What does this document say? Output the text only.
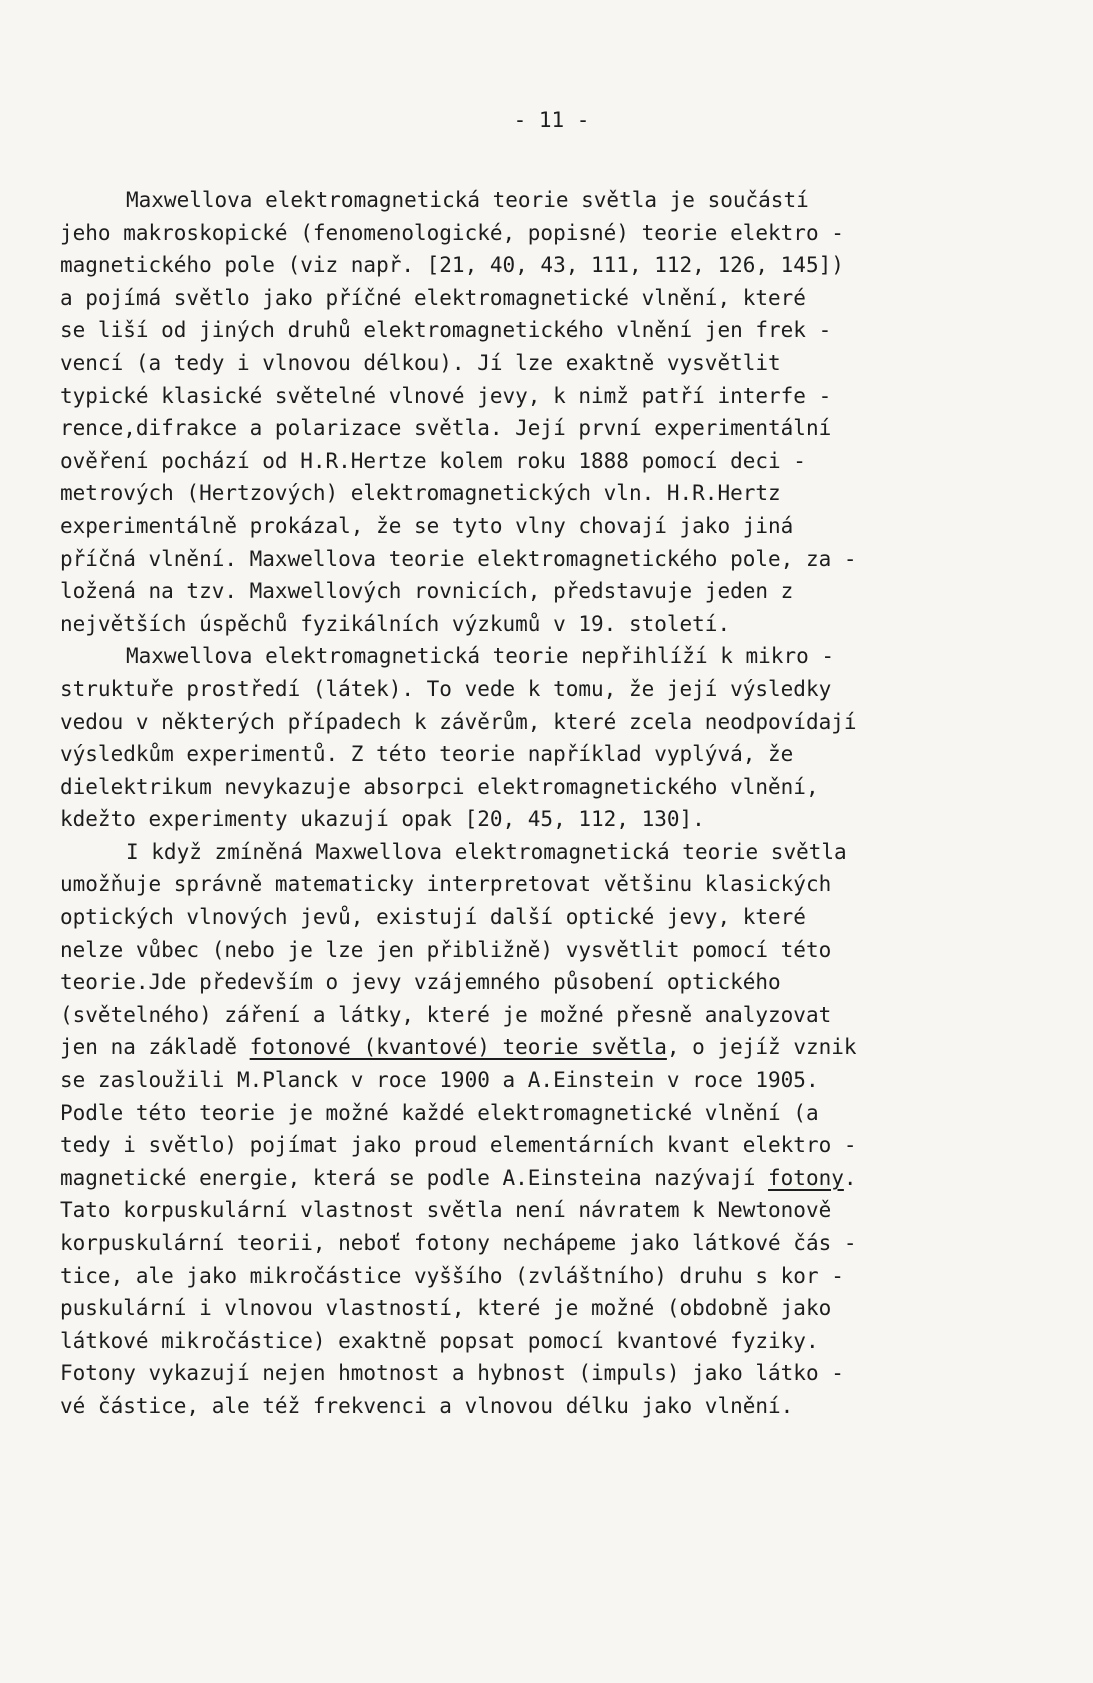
- 11 -
Maxwellova elektromagnetická teorie světla je součástí
jeho makroskopické (fenomenologické, popisné) teorie elektro -
magnetického pole (viz např. [21, 40, 43, 111, 112, 126, 145])
a pojímá světlo jako příčné elektromagnetické vlnění, které
se liší od jiných druhů elektromagnetického vlnění jen frek -
vencí (a tedy i vlnovou délkou). Jí lze exaktně vysvětlit
typické klasické světelné vlnové jevy, k nimž patří interfe -
rence,difrakce a polarizace světla. Její první experimentální
ověření pochází od H.R.Hertze kolem roku 1888 pomocí deci -
metrových (Hertzových) elektromagnetických vln. H.R.Hertz
experimentálně prokázal, že se tyto vlny chovají jako jiná
příčná vlnění. Maxwellova teorie elektromagnetického pole, za -
ložená na tzv. Maxwellových rovnicích, představuje jeden z
největších úspěchů fyzikálních výzkumů v 19. století.
Maxwellova elektromagnetická teorie nepřihlíží k mikro -
struktuře prostředí (látek). To vede k tomu, že její výsledky
vedou v některých případech k závěrům, které zcela neodpovídají
výsledkům experimentů. Z této teorie například vyplývá, že
dielektrikum nevykazuje absorpci elektromagnetického vlnění,
kdežto experimenty ukazují opak [20, 45, 112, 130].
I když zmíněná Maxwellova elektromagnetická teorie světla
umožňuje správně matematicky interpretovat většinu klasických
optických vlnových jevů, existují další optické jevy, které
nelze vůbec (nebo je lze jen přibližně) vysvětlit pomocí této
teorie.Jde především o jevy vzájemného působení optického
(světelného) záření a látky, které je možné přesně analyzovat
jen na základě fotonové (kvantové) teorie světla, o jejíž vznik
se zasloužili M.Planck v roce 1900 a A.Einstein v roce 1905.
Podle této teorie je možné každé elektromagnetické vlnění (a
tedy i světlo) pojímat jako proud elementárních kvant elektro -
magnetické energie, která se podle A.Einsteina nazývají fotony.
Tato korpuskulární vlastnost světla není návratem k Newtonově
korpuskulární teorii, neboť fotony nechápeme jako látkové čás -
tice, ale jako mikročástice vyššího (zvláštního) druhu s kor -
puskulární i vlnovou vlastností, které je možné (obdobně jako
látkové mikročástice) exaktně popsat pomocí kvantové fyziky.
Fotony vykazují nejen hmotnost a hybnost (impuls) jako látko -
vé částice, ale též frekvenci a vlnovou délku jako vlnění.
